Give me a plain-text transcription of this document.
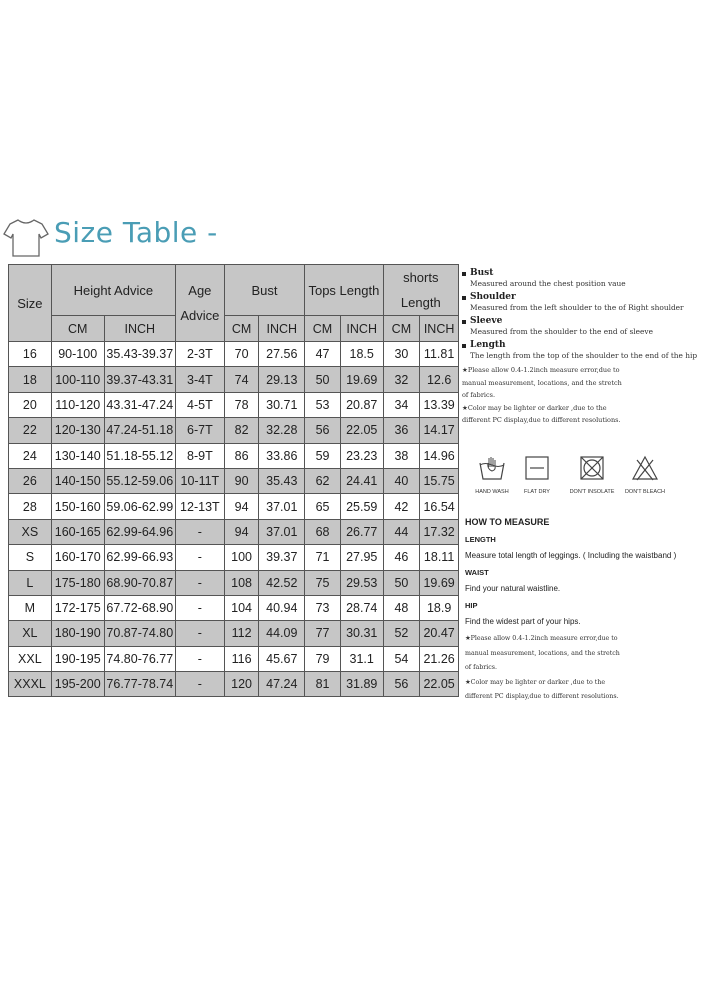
Size Table -
Size	Height Advice		Age
Advice	Bust		Tops Length		shorts
Length	
	CM	INCH		CM	INCH	CM	INCH	CM	INCH
16	90-100	35.43-39.37	2-3T	70	27.56	47	18.5	30	11.81
18	100-110	39.37-43.31	3-4T	74	29.13	50	19.69	32	12.6
20	110-120	43.31-47.24	4-5T	78	30.71	53	20.87	34	13.39
22	120-130	47.24-51.18	6-7T	82	32.28	56	22.05	36	14.17
24	130-140	51.18-55.12	8-9T	86	33.86	59	23.23	38	14.96
26	140-150	55.12-59.06	10-11T	90	35.43	62	24.41	40	15.75
28	150-160	59.06-62.99	12-13T	94	37.01	65	25.59	42	16.54
XS	160-165	62.99-64.96	-	94	37.01	68	26.77	44	17.32
S	160-170	62.99-66.93	-	100	39.37	71	27.95	46	18.11
L	175-180	68.90-70.87	-	108	42.52	75	29.53	50	19.69
M	172-175	67.72-68.90	-	104	40.94	73	28.74	48	18.9
XL	180-190	70.87-74.80	-	112	44.09	77	30.31	52	20.47
XXL	190-195	74.80-76.77	-	116	45.67	79	31.1	54	21.26
XXXL	195-200	76.77-78.74	-	120	47.24	81	31.89	56	22.05
Bust
Measured around the chest position vaue
Shoulder
Measured from the left shoulder to the of Right shoulder
Sleeve
Measured from the shoulder to the end of sleeve
Length
The length from the top of the shoulder to the end of the hip
★Please allow 0.4-1.2inch measure error,due to
manual measurement, locations, and the stretch
of fabrics.
★Color may be lighter or darker ,due to the
different PC display,due to different resolutions.
HAND WASH	FLAT DRY	DON'T INSOLATE	DON'T BLEACH
HOW TO MEASURE
LENGTH
Measure total length of leggings. ( Including the waistband )
WAIST
Find your natural waistline.
HIP
Find the widest part of your hips.
★Please allow 0.4-1.2inch measure error,due to
manual measurement, locations, and the stretch
of fabrics.
★Color may be lighter or darker ,due to the
different PC display,due to different resolutions.
